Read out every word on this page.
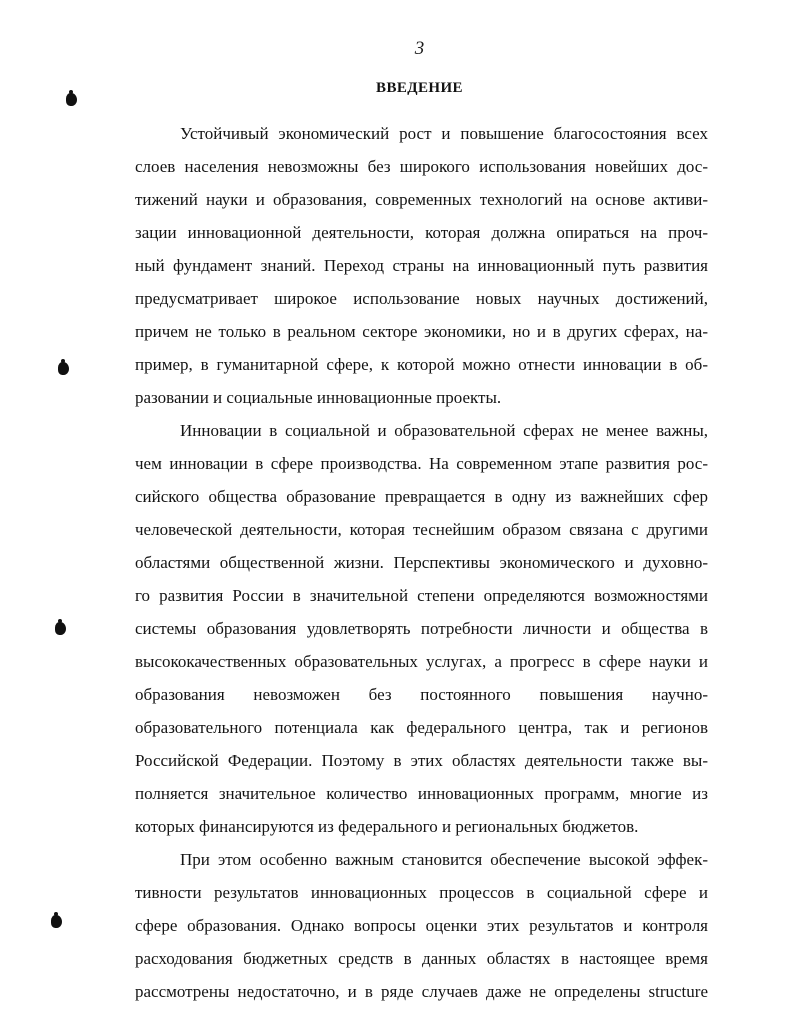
3
ВВЕДЕНИЕ
Устойчивый экономический рост и повышение благосостояния всех
слоев населения невозможны без широкого использования новейших дос-
тижений науки и образования, современных технологий на основе активи-
зации инновационной деятельности, которая должна опираться на проч-
ный фундамент знаний. Переход страны на инновационный путь развития
предусматривает широкое использование новых научных достижений,
причем не только в реальном секторе экономики, но и в других сферах, на-
пример, в гуманитарной сфере, к которой можно отнести инновации в об-
разовании и социальные инновационные проекты.
Инновации в социальной и образовательной сферах не менее важны,
чем инновации в сфере производства. На современном этапе развития рос-
сийского общества образование превращается в одну из важнейших сфер
человеческой деятельности, которая теснейшим образом связана с другими
областями общественной жизни. Перспективы экономического и духовно-
го развития России в значительной степени определяются возможностями
системы образования удовлетворять потребности личности и общества в
высококачественных образовательных услугах, а прогресс в сфере науки и
образования невозможен без постоянного повышения научно-
образовательного потенциала как федерального центра, так и регионов
Российской Федерации. Поэтому в этих областях деятельности также вы-
полняется значительное количество инновационных программ, многие из
которых финансируются из федерального и региональных бюджетов.
При этом особенно важным становится обеспечение высокой эффек-
тивности результатов инновационных процессов в социальной сфере и
сфере образования. Однако вопросы оценки этих результатов и контроля
расходования бюджетных средств в данных областях в настоящее время
рассмотрены недостаточно, и в ряде случаев даже не определены structure
